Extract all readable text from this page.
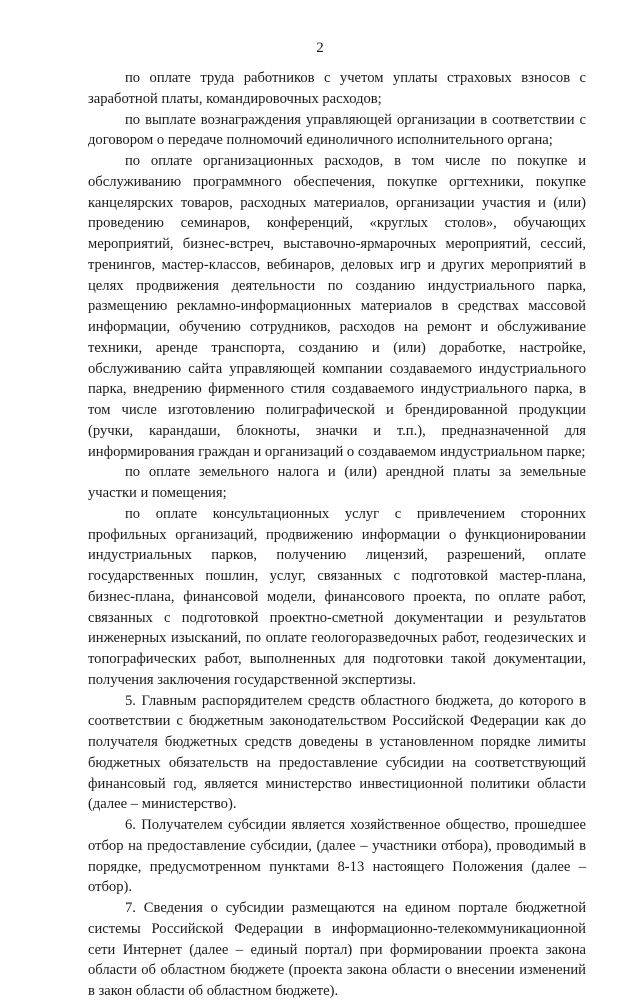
2

по оплате труда работников с учетом уплаты страховых взносов с заработной платы, командировочных расходов;

по выплате вознаграждения управляющей организации в соответствии с договором о передаче полномочий единоличного исполнительного органа;

по оплате организационных расходов, в том числе по покупке и обслуживанию программного обеспечения, покупке оргтехники, покупке канцелярских товаров, расходных материалов, организации участия и (или) проведению семинаров, конференций, «круглых столов», обучающих мероприятий, бизнес-встреч, выставочно-ярмарочных мероприятий, сессий, тренингов, мастер-классов, вебинаров, деловых игр и других мероприятий в целях продвижения деятельности по созданию индустриального парка, размещению рекламно-информационных материалов в средствах массовой информации, обучению сотрудников, расходов на ремонт и обслуживание техники, аренде транспорта, созданию и (или) доработке, настройке, обслуживанию сайта управляющей компании создаваемого индустриального парка, внедрению фирменного стиля создаваемого индустриального парка, в том числе изготовлению полиграфической и брендированной продукции (ручки, карандаши, блокноты, значки и т.п.), предназначенной для информирования граждан и организаций о создаваемом индустриальном парке;

по оплате земельного налога и (или) арендной платы за земельные участки и помещения;

по оплате консультационных услуг с привлечением сторонних профильных организаций, продвижению информации о функционировании индустриальных парков, получению лицензий, разрешений, оплате государственных пошлин, услуг, связанных с подготовкой мастер-плана, бизнес-плана, финансовой модели, финансового проекта, по оплате работ, связанных с подготовкой проектно-сметной документации и результатов инженерных изысканий, по оплате геологоразведочных работ, геодезических и топографических работ, выполненных для подготовки такой документации, получения заключения государственной экспертизы.

5. Главным распорядителем средств областного бюджета, до которого в соответствии с бюджетным законодательством Российской Федерации как до получателя бюджетных средств доведены в установленном порядке лимиты бюджетных обязательств на предоставление субсидии на соответствующий финансовый год, является министерство инвестиционной политики области (далее – министерство).

6. Получателем субсидии является хозяйственное общество, прошедшее отбор на предоставление субсидии, (далее – участники отбора), проводимый в порядке, предусмотренном пунктами 8-13 настоящего Положения (далее – отбор).

7. Сведения о субсидии размещаются на едином портале бюджетной системы Российской Федерации в информационно-телекоммуникационной сети Интернет (далее – единый портал) при формировании проекта закона области об областном бюджете (проекта закона области о внесении изменений в закон области об областном бюджете).
